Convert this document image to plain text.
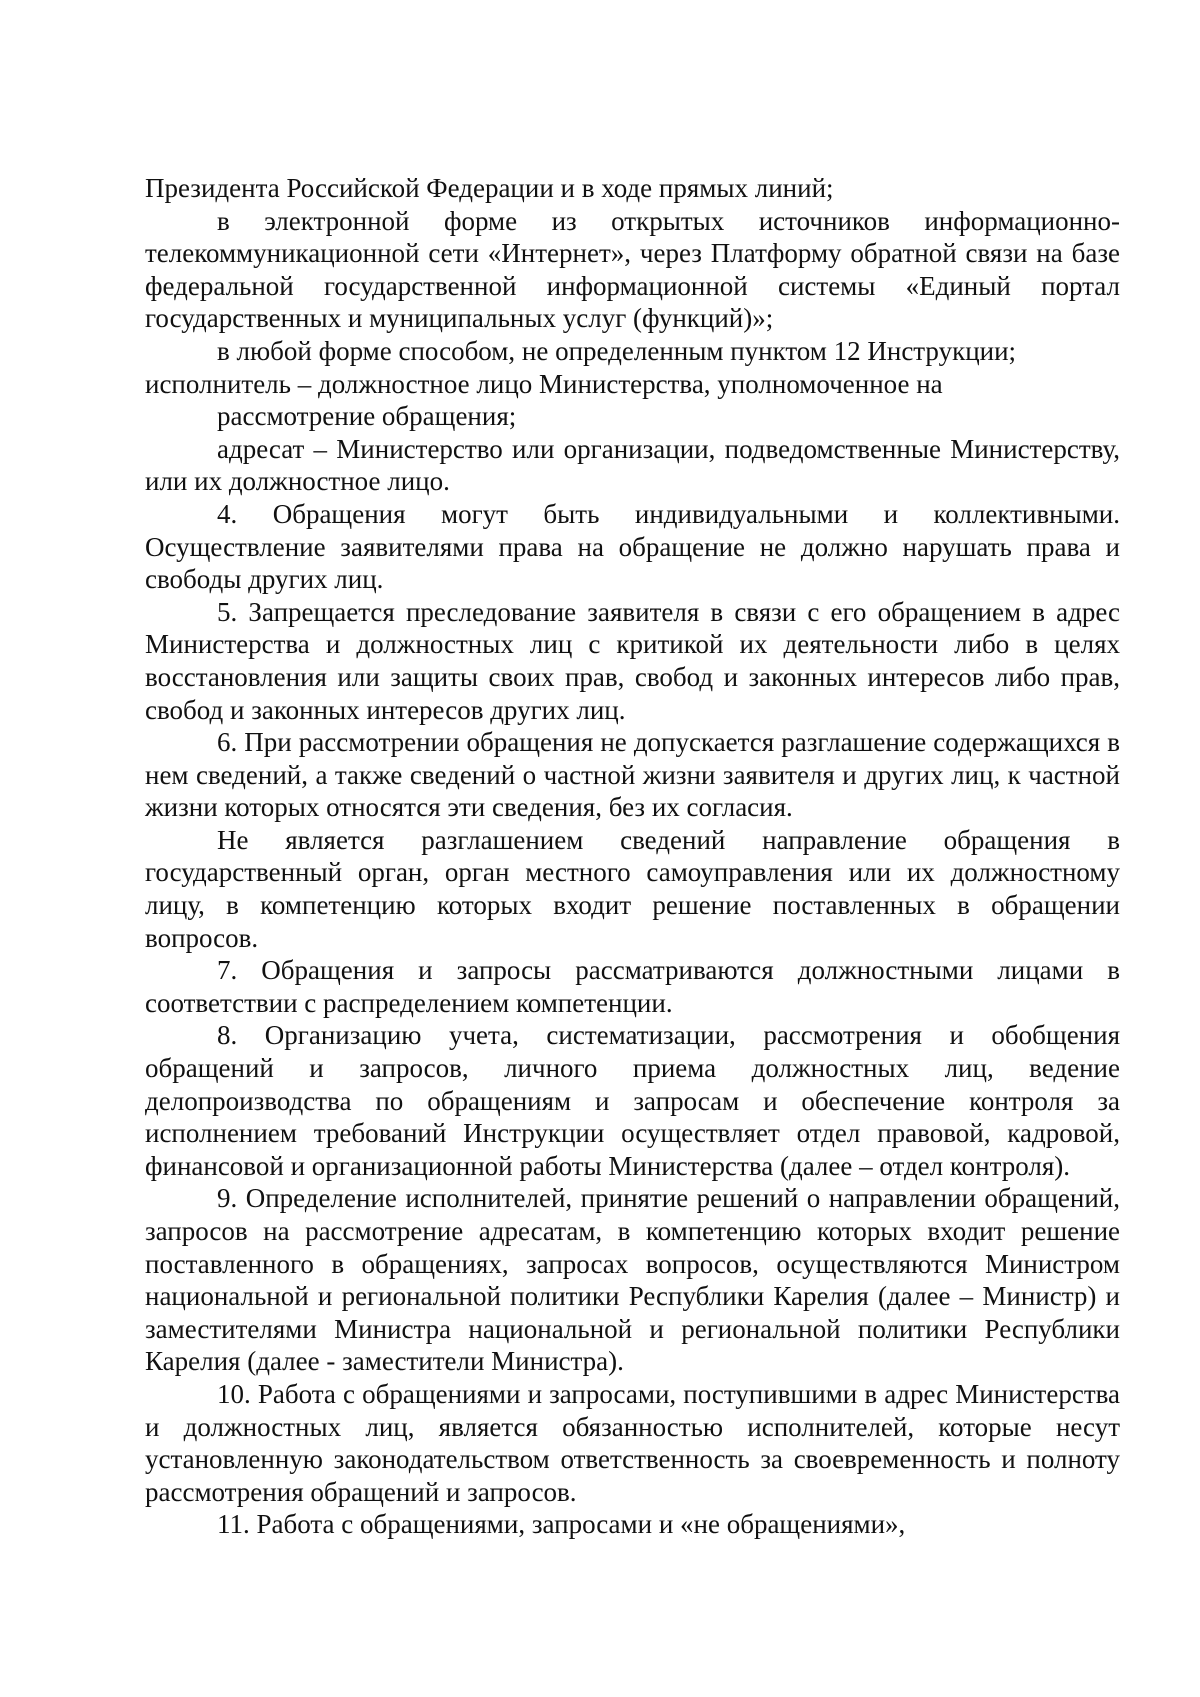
Президента Российской Федерации и в ходе прямых линий;

в электронной форме из открытых источников информационно-телекоммуникационной сети «Интернет», через Платформу обратной связи на базе федеральной государственной информационной системы «Единый портал государственных и муниципальных услуг (функций)»;

в любой форме способом, не определенным пунктом 12 Инструкции;

исполнитель – должностное лицо Министерства, уполномоченное на

рассмотрение обращения;

адресат – Министерство или организации, подведомственные Министерству, или их должностное лицо.

4. Обращения могут быть индивидуальными и коллективными. Осуществление заявителями права на обращение не должно нарушать права и свободы других лиц.

5. Запрещается преследование заявителя в связи с его обращением в адрес Министерства и должностных лиц с критикой их деятельности либо в целях восстановления или защиты своих прав, свобод и законных интересов либо прав, свобод и законных интересов других лиц.

6. При рассмотрении обращения не допускается разглашение содержащихся в нем сведений, а также сведений о частной жизни заявителя и других лиц, к частной жизни которых относятся эти сведения, без их согласия.

Не является разглашением сведений направление обращения в государственный орган, орган местного самоуправления или их должностному лицу, в компетенцию которых входит решение поставленных в обращении вопросов.

7. Обращения и запросы рассматриваются должностными лицами в соответствии с распределением компетенции.

8. Организацию учета, систематизации, рассмотрения и обобщения обращений и запросов, личного приема должностных лиц, ведение делопроизводства по обращениям и запросам и обеспечение контроля за исполнением требований Инструкции осуществляет отдел правовой, кадровой, финансовой и организационной работы Министерства (далее – отдел контроля).

9. Определение исполнителей, принятие решений о направлении обращений, запросов на рассмотрение адресатам, в компетенцию которых входит решение поставленного в обращениях, запросах вопросов, осуществляются Министром национальной и региональной политики Республики Карелия (далее – Министр) и заместителями Министра национальной и региональной политики Республики Карелия (далее - заместители Министра).

10. Работа с обращениями и запросами, поступившими в адрес Министерства и должностных лиц, является обязанностью исполнителей, которые несут установленную законодательством ответственность за своевременность и полноту рассмотрения обращений и запросов.

11. Работа с обращениями, запросами и «не обращениями»,
